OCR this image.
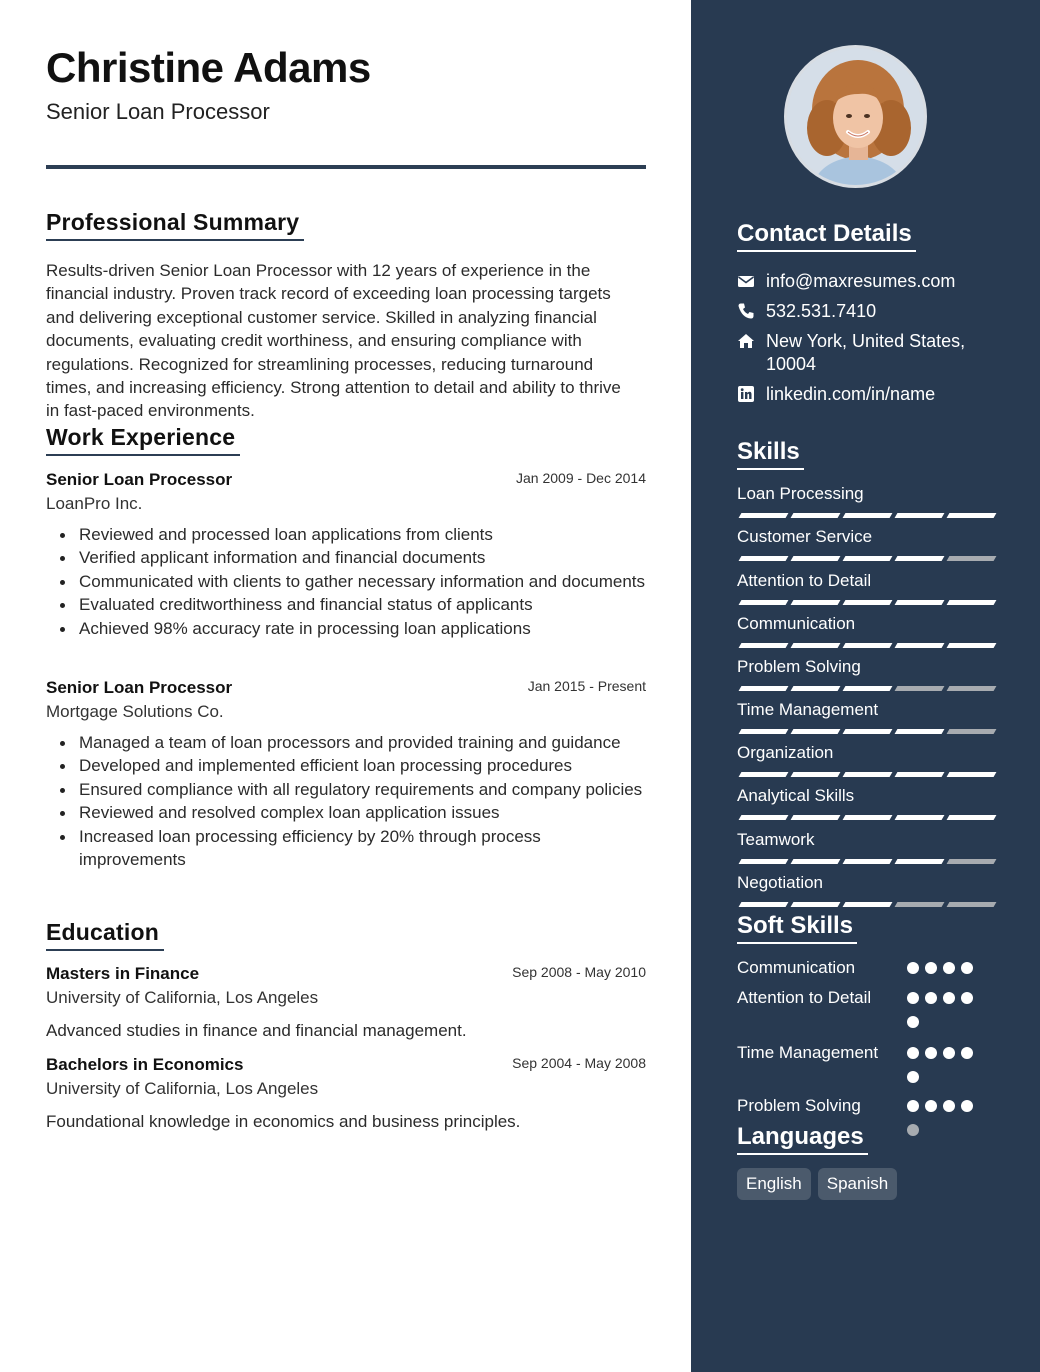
Christine Adams
Senior Loan Processor
Professional Summary
Results-driven Senior Loan Processor with 12 years of experience in the financial industry. Proven track record of exceeding loan processing targets and delivering exceptional customer service. Skilled in analyzing financial documents, evaluating credit worthiness, and ensuring compliance with regulations. Recognized for streamlining processes, reducing turnaround times, and increasing efficiency. Strong attention to detail and ability to thrive in fast-paced environments.
Work Experience
Senior Loan Processor	Jan 2009 - Dec 2014
LoanPro Inc.
Reviewed and processed loan applications from clients
Verified applicant information and financial documents
Communicated with clients to gather necessary information and documents
Evaluated creditworthiness and financial status of applicants
Achieved 98% accuracy rate in processing loan applications
Senior Loan Processor	Jan 2015 - Present
Mortgage Solutions Co.
Managed a team of loan processors and provided training and guidance
Developed and implemented efficient loan processing procedures
Ensured compliance with all regulatory requirements and company policies
Reviewed and resolved complex loan application issues
Increased loan processing efficiency by 20% through process improvements
Education
Masters in Finance	Sep 2008 - May 2010
University of California, Los Angeles
Advanced studies in finance and financial management.
Bachelors in Economics	Sep 2004 - May 2008
University of California, Los Angeles
Foundational knowledge in economics and business principles.
Contact Details
info@maxresumes.com
532.531.7410
New York, United States,
10004
linkedin.com/in/name
Skills
Loan Processing
Customer Service
Attention to Detail
Communication
Problem Solving
Time Management
Organization
Analytical Skills
Teamwork
Negotiation
Soft Skills
Communication
Attention to Detail
Time Management
Problem Solving
Languages
English	Spanish
